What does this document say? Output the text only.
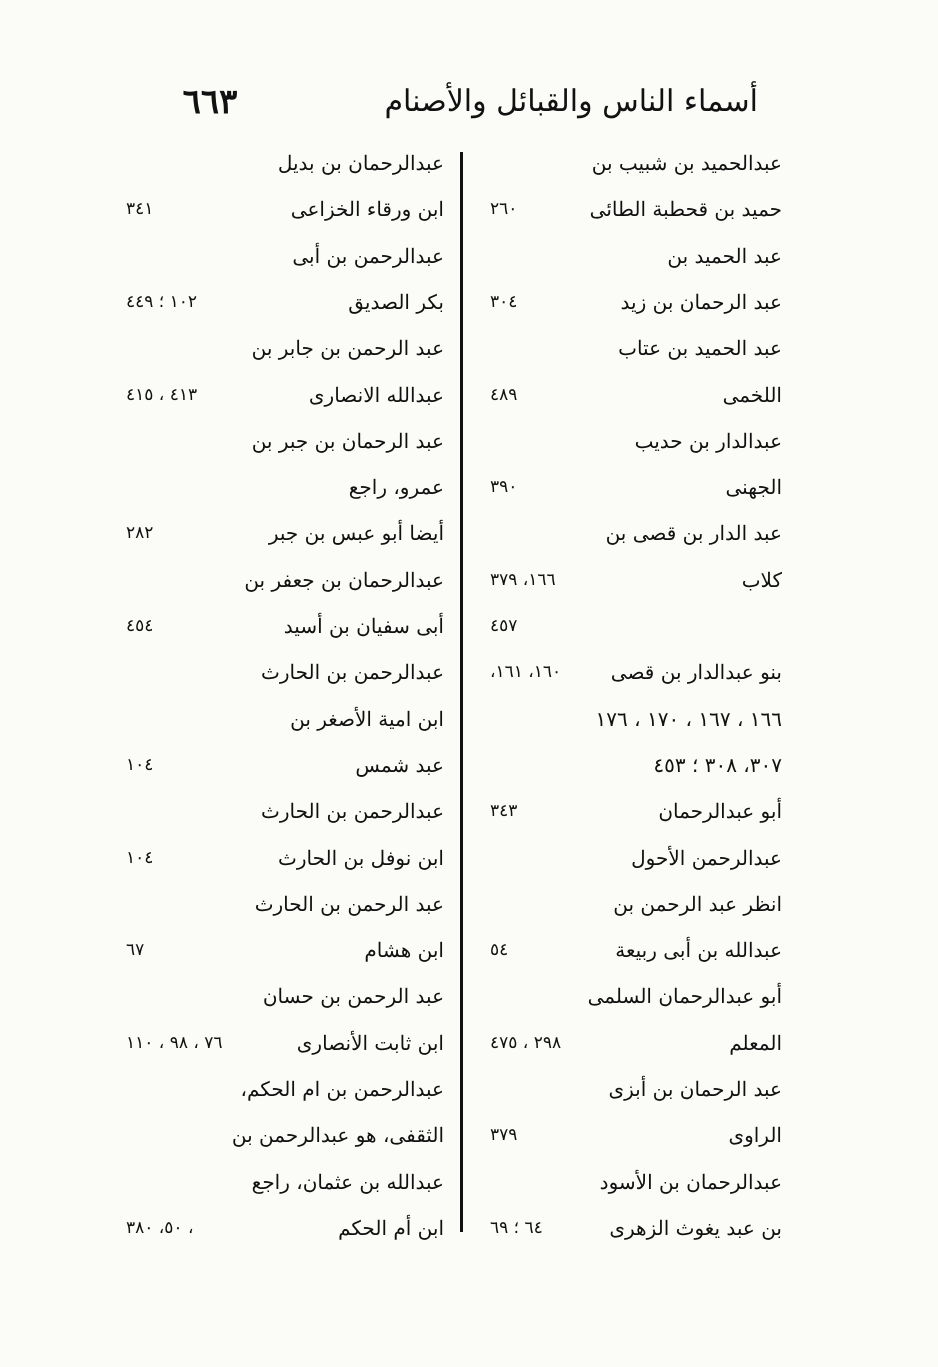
أسماء الناس والقبائل والأصنام
٦٦٣
عبدالحميد بن شبيب بن
حميد بن قحطبة الطائى
٢٦٠
عبد الحميد بن
عبد الرحمان بن زيد
٣٠٤
عبد الحميد بن عتاب
اللخمى
٤٨٩
عبدالدار بن حديب
الجهنى
٣٩٠
عبد الدار بن قصى بن
كلاب
١٦٦، ٣٧٩
٤٥٧
بنو عبدالدار بن قصى
١٦٠، ١٦١،
١٦٦ ، ١٦٧ ، ١٧٠ ، ١٧٦
٣٠٧، ٣٠٨ ؛ ٤٥٣
أبو عبدالرحمان
٣٤٣
عبدالرحمن الأحول
انظر عبد الرحمن بن
عبدالله بن أبى ربيعة
٥٤
أبو عبدالرحمان السلمى
المعلم
٢٩٨ ، ٤٧٥
عبد الرحمان بن أبزى
الراوى
٣٧٩
عبدالرحمان بن الأسود
بن عبد يغوث الزهرى
٦٤ ؛ ٦٩
عبدالرحمان بن بديل
ابن ورقاء الخزاعى
٣٤١
عبدالرحمن بن أبى
بكر الصديق
١٠٢ ؛ ٤٤٩
عبد الرحمن بن جابر بن
عبدالله الانصارى
٤١٣ ، ٤١٥
عبد الرحمان بن جبر بن
عمرو، راجع
أيضا أبو عبس بن جبر
٢٨٢
عبدالرحمان بن جعفر بن
أبى سفيان بن أسيد
٤٥٤
عبدالرحمن بن الحارث
ابن امية الأصغر بن
عبد شمس
١٠٤
عبدالرحمن بن الحارث
ابن نوفل بن الحارث
١٠٤
عبد الرحمن بن الحارث
ابن هشام
٦٧
عبد الرحمن بن حسان
ابن ثابت الأنصارى
٧٦ ، ٩٨ ، ١١٠
عبدالرحمن بن ام الحكم،
الثقفى، هو عبدالرحمن بن
عبدالله بن عثمان، راجع
ابن أم الحكم
، ٥٠، ٣٨٠
